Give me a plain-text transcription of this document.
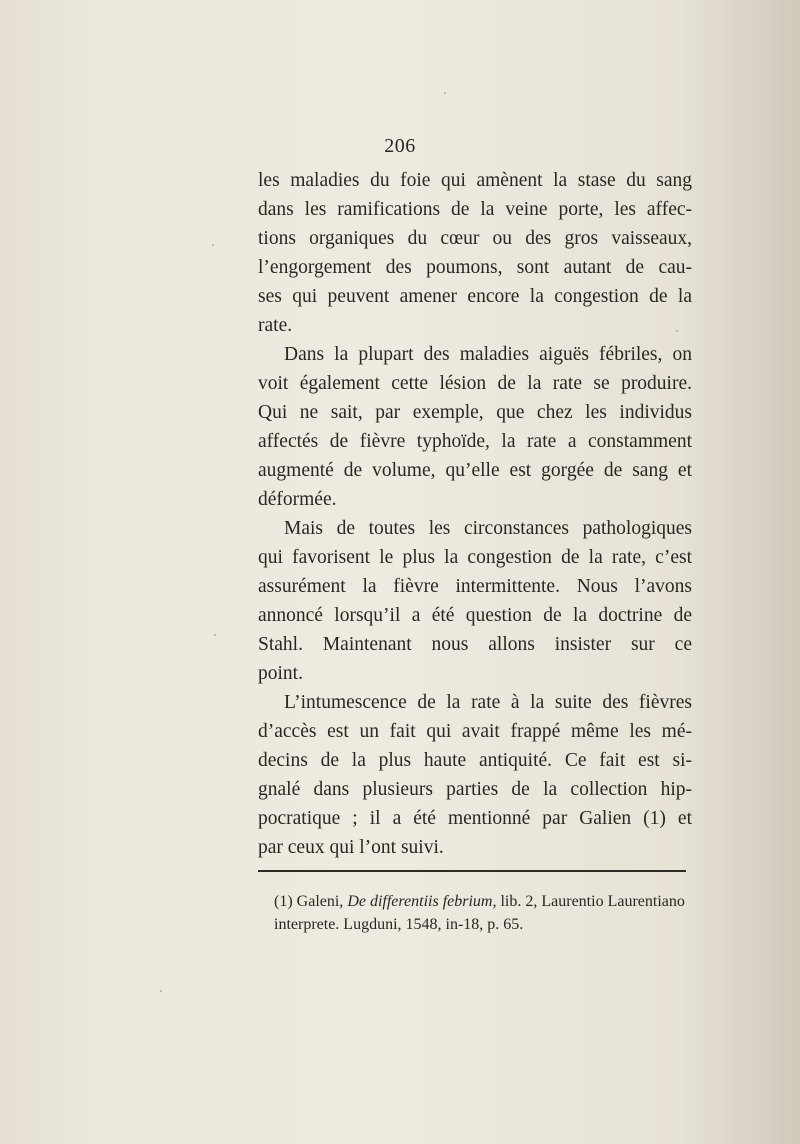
206
les maladies du foie qui amènent la stase du sang
dans les ramifications de la veine porte, les affec-
tions organiques du cœur ou des gros vaisseaux,
l’engorgement des poumons, sont autant de cau-
ses qui peuvent amener encore la congestion de la
rate.
Dans la plupart des maladies aiguës fébriles, on
voit également cette lésion de la rate se produire.
Qui ne sait, par exemple, que chez les individus
affectés de fièvre typhoïde, la rate a constamment
augmenté de volume, qu’elle est gorgée de sang et
déformée.
Mais de toutes les circonstances pathologiques
qui favorisent le plus la congestion de la rate, c’est
assurément la fièvre intermittente. Nous l’avons
annoncé lorsqu’il a été question de la doctrine de
Stahl. Maintenant nous allons insister sur ce
point.
L’intumescence de la rate à la suite des fièvres
d’accès est un fait qui avait frappé même les mé-
decins de la plus haute antiquité. Ce fait est si-
gnalé dans plusieurs parties de la collection hip-
pocratique ; il a été mentionné par Galien (1) et
par ceux qui l’ont suivi.
(1) Galeni, De differentiis febrium, lib. 2, Laurentio Laurentiano
interprete. Lugduni, 1548, in-18, p. 65.
